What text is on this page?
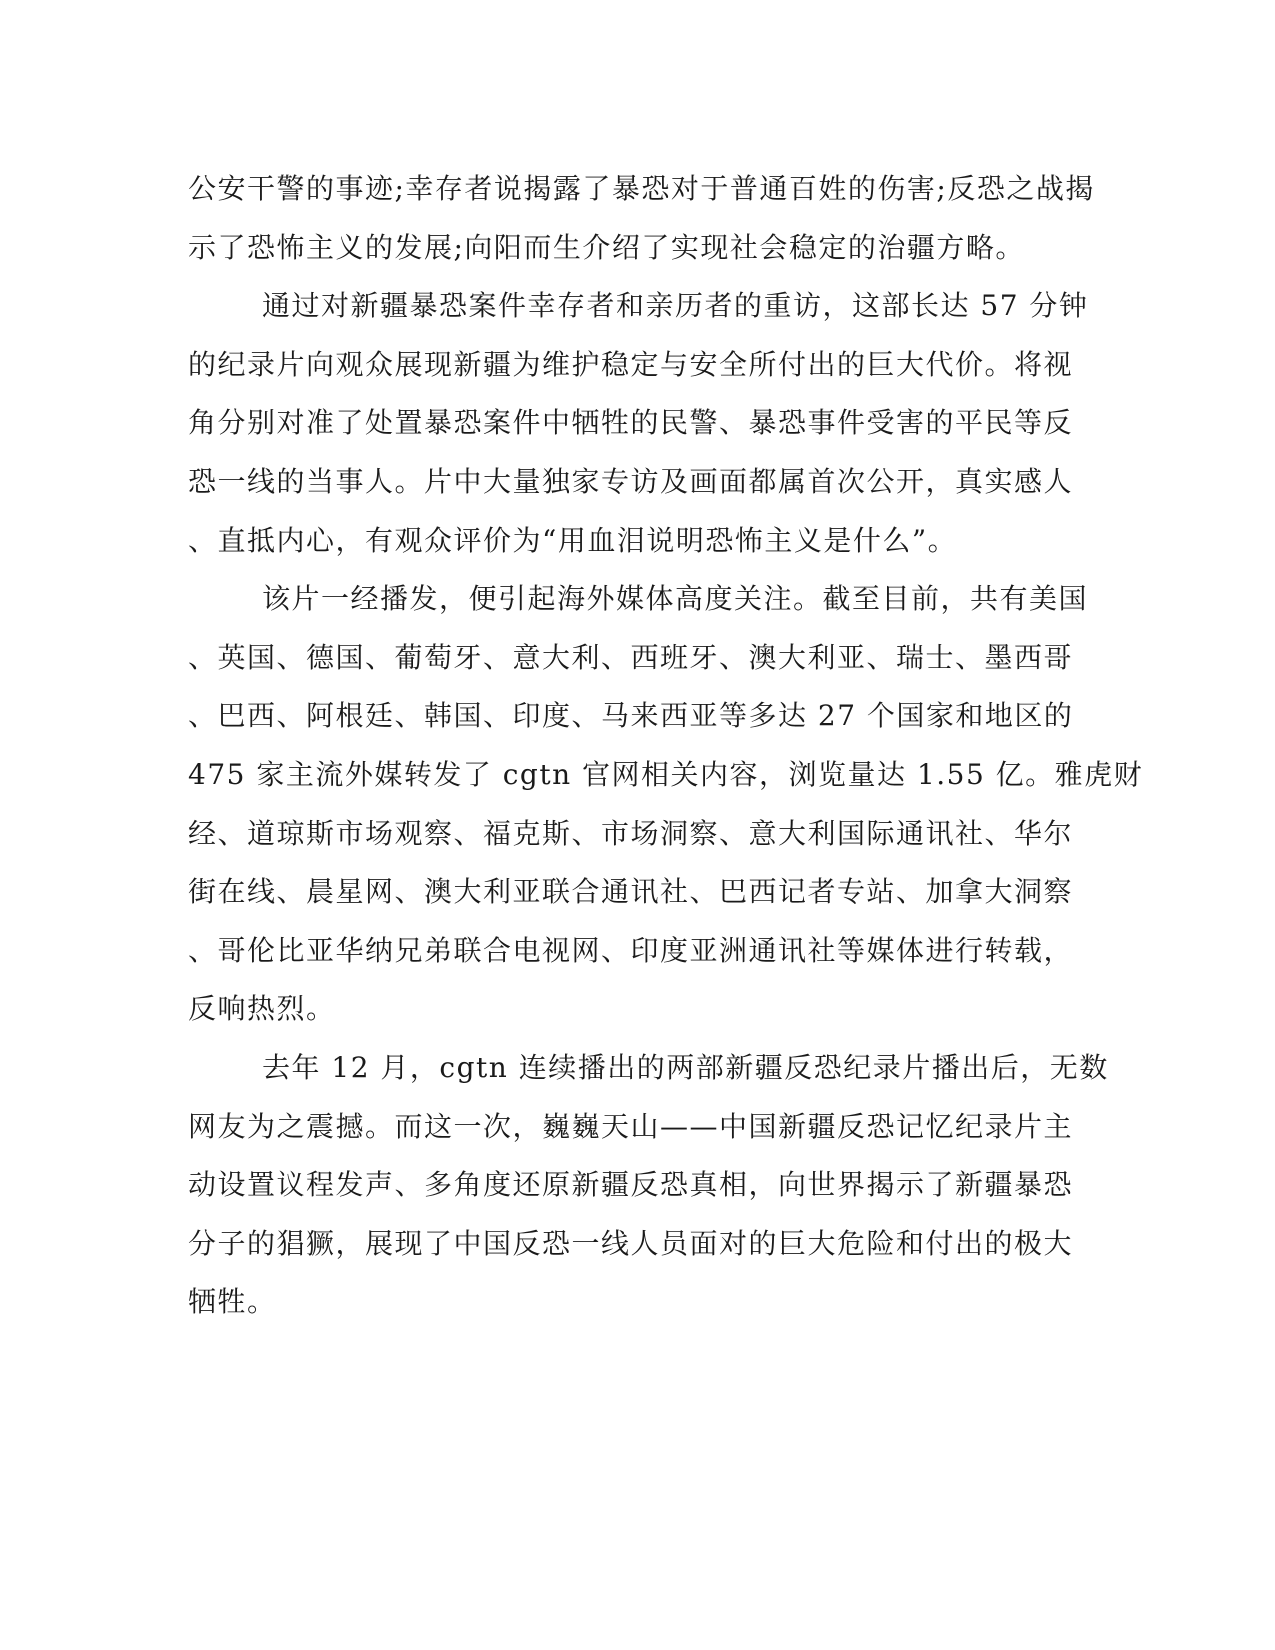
公安干警的事迹;幸存者说揭露了暴恐对于普通百姓的伤害;反恐之战揭
示了恐怖主义的发展;向阳而生介绍了实现社会稳定的治疆方略。
通过对新疆暴恐案件幸存者和亲历者的重访，这部长达 57 分钟
的纪录片向观众展现新疆为维护稳定与安全所付出的巨大代价。将视
角分别对准了处置暴恐案件中牺牲的民警、暴恐事件受害的平民等反
恐一线的当事人。片中大量独家专访及画面都属首次公开，真实感人
、直抵内心，有观众评价为“用血泪说明恐怖主义是什么”。
该片一经播发，便引起海外媒体高度关注。截至目前，共有美国
、英国、德国、葡萄牙、意大利、西班牙、澳大利亚、瑞士、墨西哥
、巴西、阿根廷、韩国、印度、马来西亚等多达 27 个国家和地区的
475 家主流外媒转发了 cgtn 官网相关内容，浏览量达 1.55 亿。雅虎财
经、道琼斯市场观察、福克斯、市场洞察、意大利国际通讯社、华尔
街在线、晨星网、澳大利亚联合通讯社、巴西记者专站、加拿大洞察
、哥伦比亚华纳兄弟联合电视网、印度亚洲通讯社等媒体进行转载，
反响热烈。
去年 12 月，cgtn 连续播出的两部新疆反恐纪录片播出后，无数
网友为之震撼。而这一次，巍巍天山——中国新疆反恐记忆纪录片主
动设置议程发声、多角度还原新疆反恐真相，向世界揭示了新疆暴恐
分子的猖獗，展现了中国反恐一线人员面对的巨大危险和付出的极大
牺牲。
